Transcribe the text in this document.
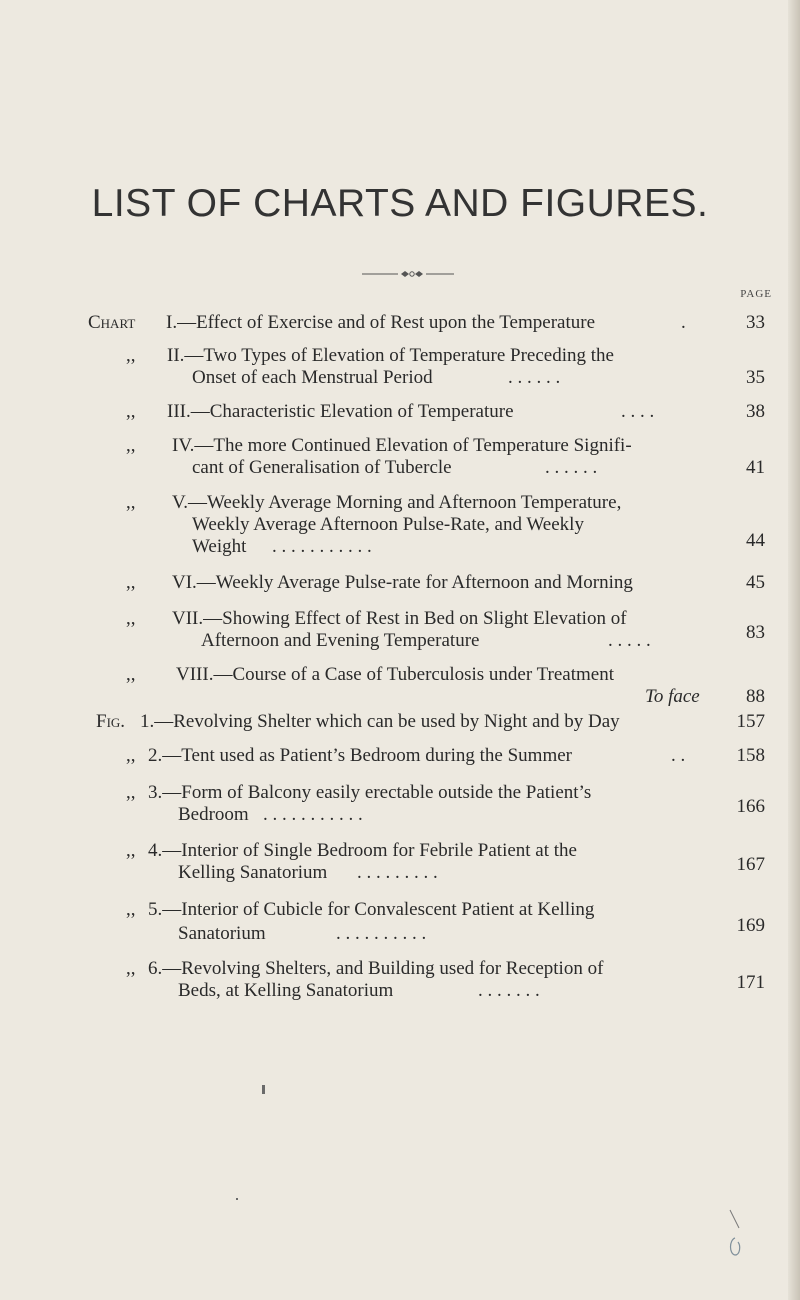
LIST OF CHARTS AND FIGURES.
PAGE
Chart I.—Effect of Exercise and of Rest upon the Temperature	.	33
,, II.—Two Types of Elevation of Temperature Preceding the
Onset of each Menstrual Period	. . . . . .	35
,, III.—Characteristic Elevation of Temperature	. . . .	38
,, IV.—The more Continued Elevation of Temperature Signifi-
cant of Generalisation of Tubercle	. . . . . .	41
,, V.—Weekly Average Morning and Afternoon Temperature,
Weekly Average Afternoon Pulse-Rate, and Weekly
Weight . . . . . . . . . . .	44
,, VI.—Weekly Average Pulse-rate for Afternoon and Morning	45
,, VII.—Showing Effect of Rest in Bed on Slight Elevation of
Afternoon and Evening Temperature	. . . . .	83
,, VIII.—Course of a Case of Tuberculosis under Treatment
To face 88
Fig. 1.—Revolving Shelter which can be used by Night and by Day	157
,, 2.—Tent used as Patient’s Bedroom during the Summer	. .	158
,, 3.—Form of Balcony easily erectable outside the Patient’s
Bedroom . . . . . . . . . . .	166
,, 4.—Interior of Single Bedroom for Febrile Patient at the
Kelling Sanatorium . . . . . . . . .	167
,, 5.—Interior of Cubicle for Convalescent Patient at Kelling
Sanatorium	. . . . . . . . . .	169
,, 6.—Revolving Shelters, and Building used for Reception of
Beds, at Kelling Sanatorium	. . . . . . .	171
